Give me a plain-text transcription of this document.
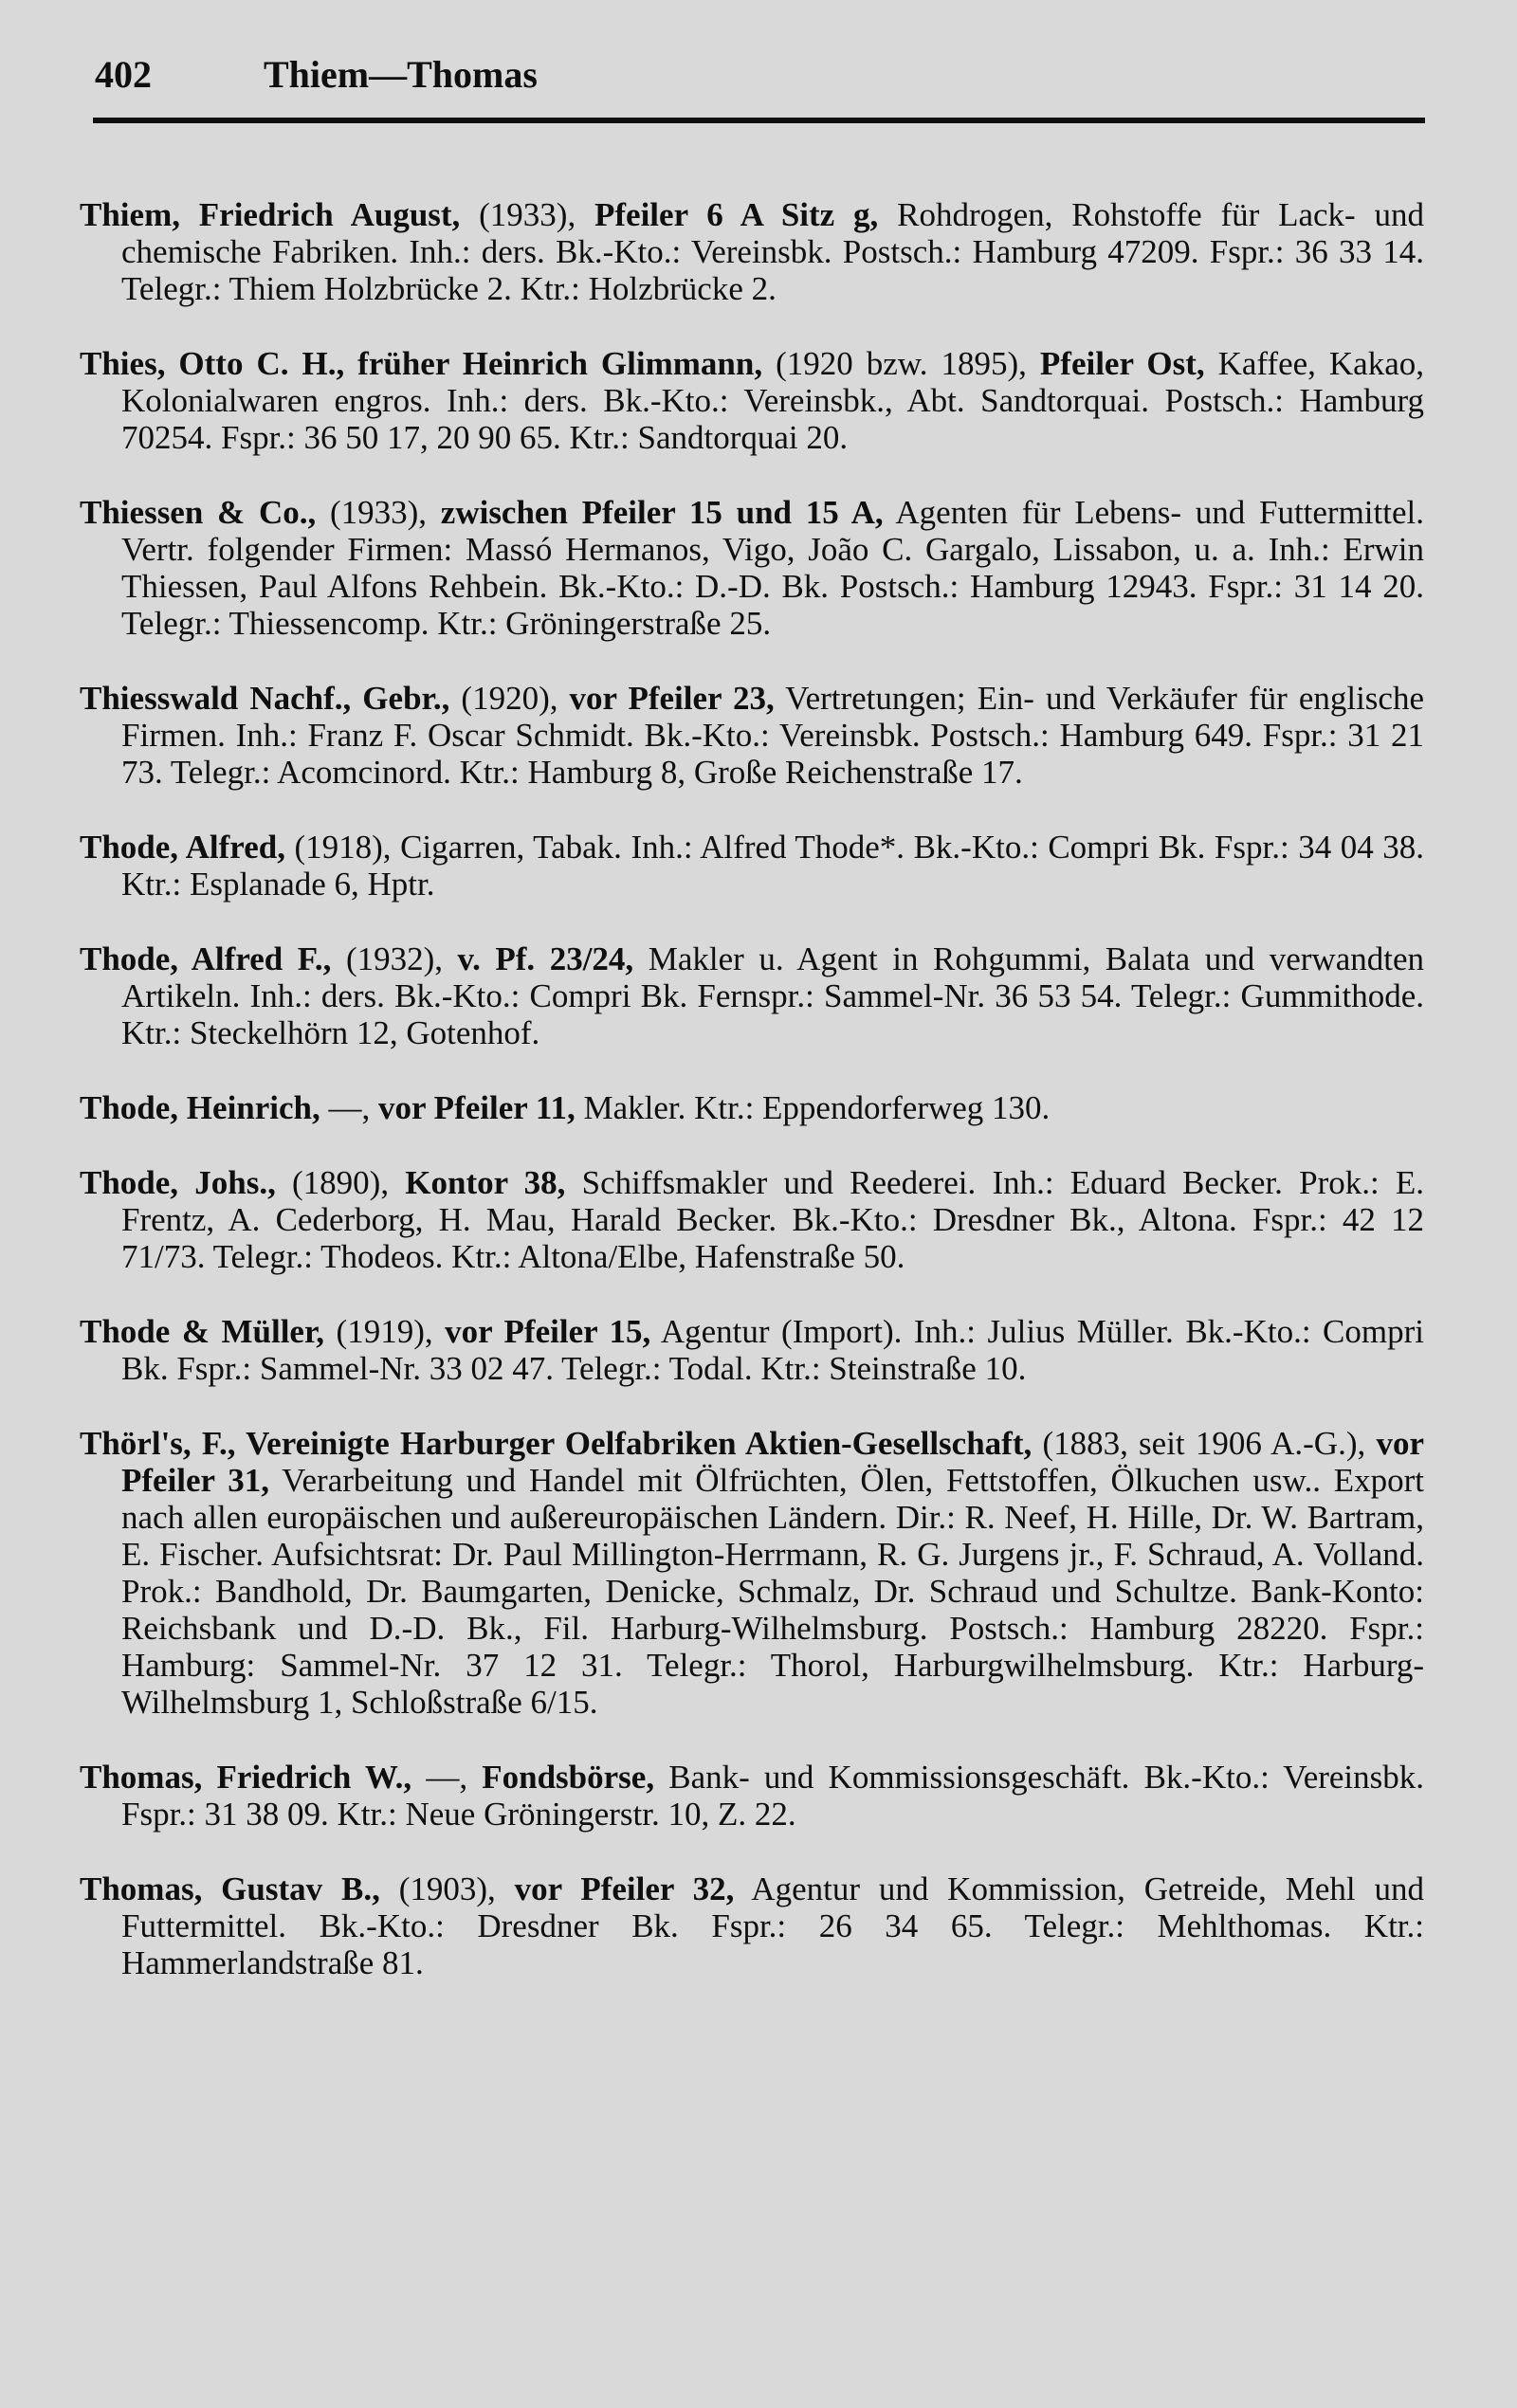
402	Thiem—Thomas

Thiem, Friedrich August, (1933), Pfeiler 6 A Sitz g, Rohdrogen, Rohstoffe für Lack- und chemische Fabriken. Inh.: ders. Bk.-Kto.: Vereinsbk. Postsch.: Hamburg 47209. Fspr.: 36 33 14. Telegr.: Thiem Holzbrücke 2. Ktr.: Holzbrücke 2.

Thies, Otto C. H., früher Heinrich Glimmann, (1920 bzw. 1895), Pfeiler Ost, Kaffee, Kakao, Kolonialwaren engros. Inh.: ders. Bk.-Kto.: Vereinsbk., Abt. Sandtorquai. Postsch.: Hamburg 70254. Fspr.: 36 50 17, 20 90 65. Ktr.: Sandtorquai 20.

Thiessen & Co., (1933), zwischen Pfeiler 15 und 15 A, Agenten für Lebens- und Futtermittel. Vertr. folgender Firmen: Massó Hermanos, Vigo, João C. Gargalo, Lissabon, u. a. Inh.: Erwin Thiessen, Paul Alfons Rehbein. Bk.-Kto.: D.-D. Bk. Postsch.: Hamburg 12943. Fspr.: 31 14 20. Telegr.: Thiessencomp. Ktr.: Gröningerstraße 25.

Thiesswald Nachf., Gebr., (1920), vor Pfeiler 23, Vertretungen; Ein- und Verkäufer für englische Firmen. Inh.: Franz F. Oscar Schmidt. Bk.-Kto.: Vereinsbk. Postsch.: Hamburg 649. Fspr.: 31 21 73. Telegr.: Acomcinord. Ktr.: Hamburg 8, Große Reichenstraße 17.

Thode, Alfred, (1918), Cigarren, Tabak. Inh.: Alfred Thode*. Bk.-Kto.: Compri Bk. Fspr.: 34 04 38. Ktr.: Esplanade 6, Hptr.

Thode, Alfred F., (1932), v. Pf. 23/24, Makler u. Agent in Rohgummi, Balata und verwandten Artikeln. Inh.: ders. Bk.-Kto.: Compri Bk. Fernspr.: Sammel-Nr. 36 53 54. Telegr.: Gummithode. Ktr.: Steckelhörn 12, Gotenhof.

Thode, Heinrich, —, vor Pfeiler 11, Makler. Ktr.: Eppendorferweg 130.

Thode, Johs., (1890), Kontor 38, Schiffsmakler und Reederei. Inh.: Eduard Becker. Prok.: E. Frentz, A. Cederborg, H. Mau, Harald Becker. Bk.-Kto.: Dresdner Bk., Altona. Fspr.: 42 12 71/73. Telegr.: Thodeos. Ktr.: Altona/Elbe, Hafenstraße 50.

Thode & Müller, (1919), vor Pfeiler 15, Agentur (Import). Inh.: Julius Müller. Bk.-Kto.: Compri Bk. Fspr.: Sammel-Nr. 33 02 47. Telegr.: Todal. Ktr.: Steinstraße 10.

Thörl's, F., Vereinigte Harburger Oelfabriken Aktien-Gesellschaft, (1883, seit 1906 A.-G.), vor Pfeiler 31, Verarbeitung und Handel mit Ölfrüchten, Ölen, Fettstoffen, Ölkuchen usw.. Export nach allen europäischen und außereuropäischen Ländern. Dir.: R. Neef, H. Hille, Dr. W. Bartram, E. Fischer. Aufsichtsrat: Dr. Paul Millington-Herrmann, R. G. Jurgens jr., F. Schraud, A. Volland. Prok.: Bandhold, Dr. Baumgarten, Denicke, Schmalz, Dr. Schraud und Schultze. Bank-Konto: Reichsbank und D.-D. Bk., Fil. Harburg-Wilhelmsburg. Postsch.: Hamburg 28220. Fspr.: Hamburg: Sammel-Nr. 37 12 31. Telegr.: Thorol, Harburgwilhelmsburg. Ktr.: Harburg-Wilhelmsburg 1, Schloßstraße 6/15.

Thomas, Friedrich W., —, Fondsbörse, Bank- und Kommissionsgeschäft. Bk.-Kto.: Vereinsbk. Fspr.: 31 38 09. Ktr.: Neue Gröningerstr. 10, Z. 22.

Thomas, Gustav B., (1903), vor Pfeiler 32, Agentur und Kommission, Getreide, Mehl und Futtermittel. Bk.-Kto.: Dresdner Bk. Fspr.: 26 34 65. Telegr.: Mehlthomas. Ktr.: Hammerlandstraße 81.
